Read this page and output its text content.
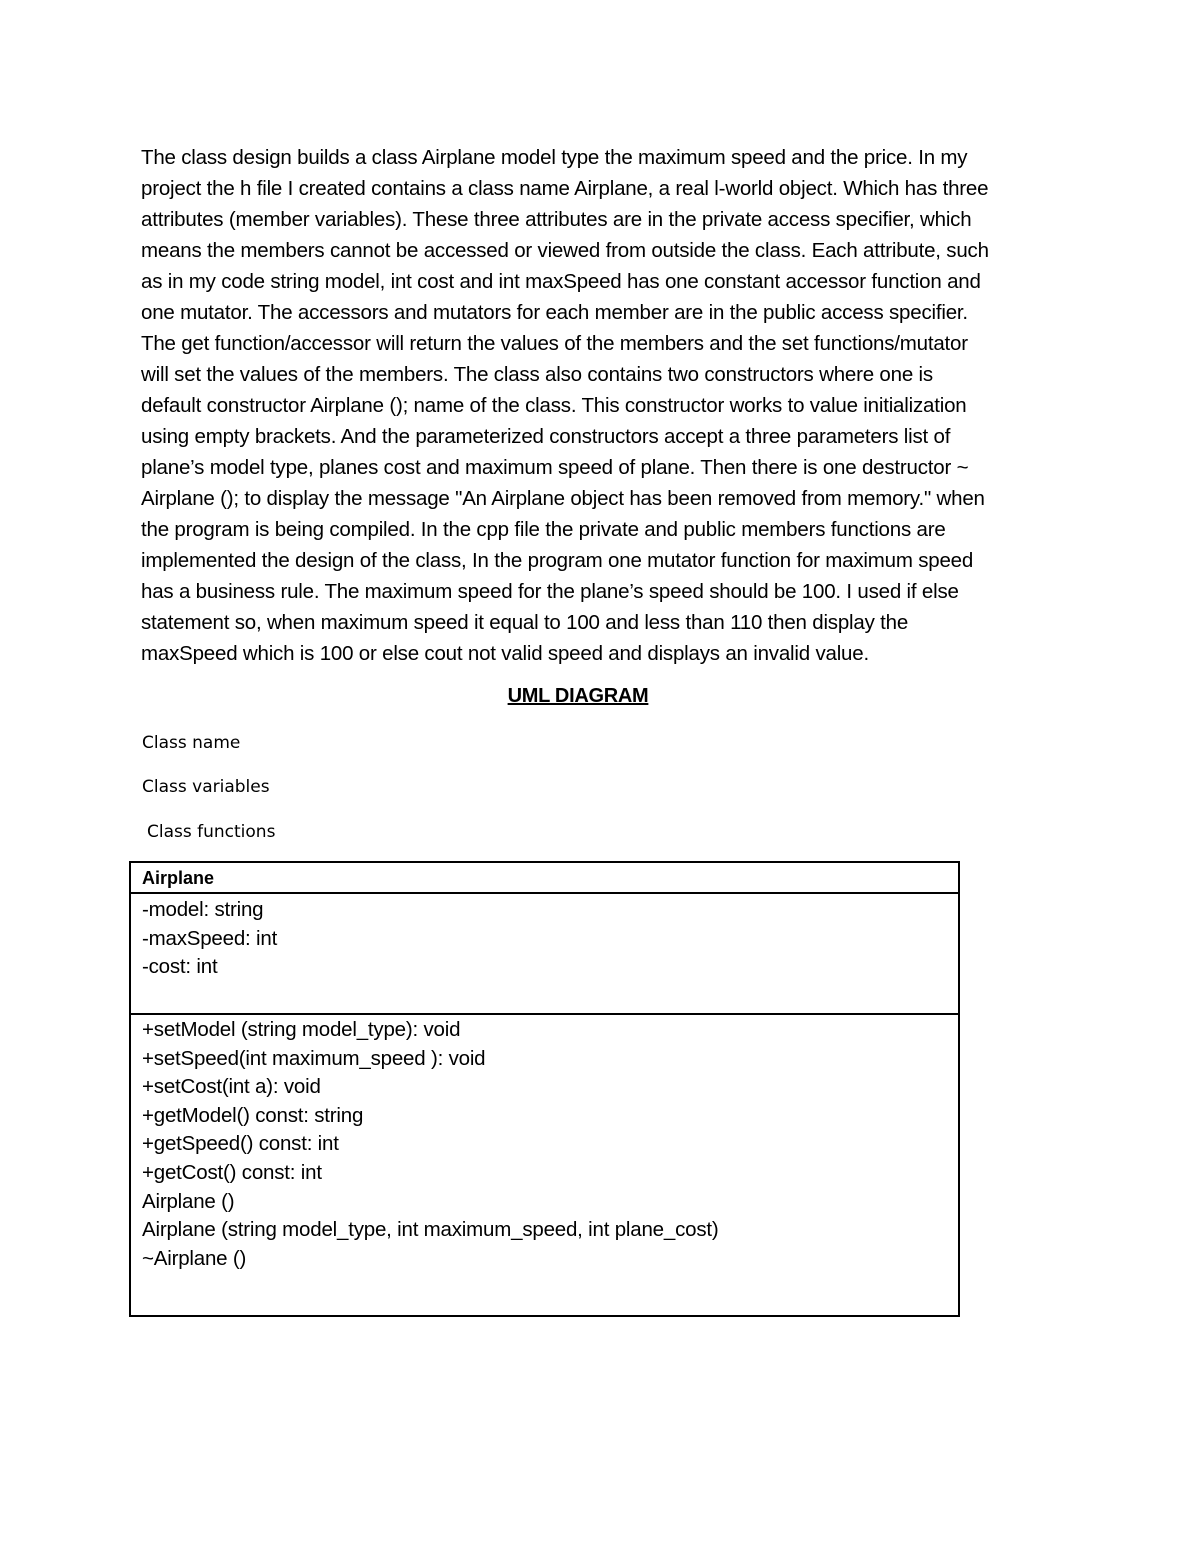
The class design builds a class Airplane model type the maximum speed and the price. In my
project the h file I created contains a class name Airplane, a real l-world object. Which has three
attributes (member variables). These three attributes are in the private access specifier, which
means the members cannot be accessed or viewed from outside the class. Each attribute, such
as in my code string model, int cost and int maxSpeed has one constant accessor function and
one mutator. The accessors and mutators for each member are in the public access specifier.
The get function/accessor will return the values of the members and the set functions/mutator
will set the values of the members. The class also contains two constructors where one is
default constructor Airplane (); name of the class. This constructor works to value initialization
using empty brackets. And the parameterized constructors accept a three parameters list of
plane’s model type, planes cost and maximum speed of plane. Then there is one destructor ~
Airplane (); to display the message "An Airplane object has been removed from memory." when
the program is being compiled. In the cpp file the private and public members functions are
implemented the design of the class, In the program one mutator function for maximum speed
has a business rule. The maximum speed for the plane’s speed should be 100. I used if else
statement so, when maximum speed it equal to 100 and less than 110 then display the
maxSpeed which is 100 or else cout not valid speed and displays an invalid value.
UML DIAGRAM

Class name

Class variables

Class functions

Airplane
-model: string
-maxSpeed: int
-cost: int
+setModel (string model_type): void
+setSpeed(int maximum_speed ): void
+setCost(int a): void
+getModel() const: string
+getSpeed() const: int
+getCost() const: int
Airplane ()
Airplane (string model_type, int maximum_speed, int plane_cost)
~Airplane ()
